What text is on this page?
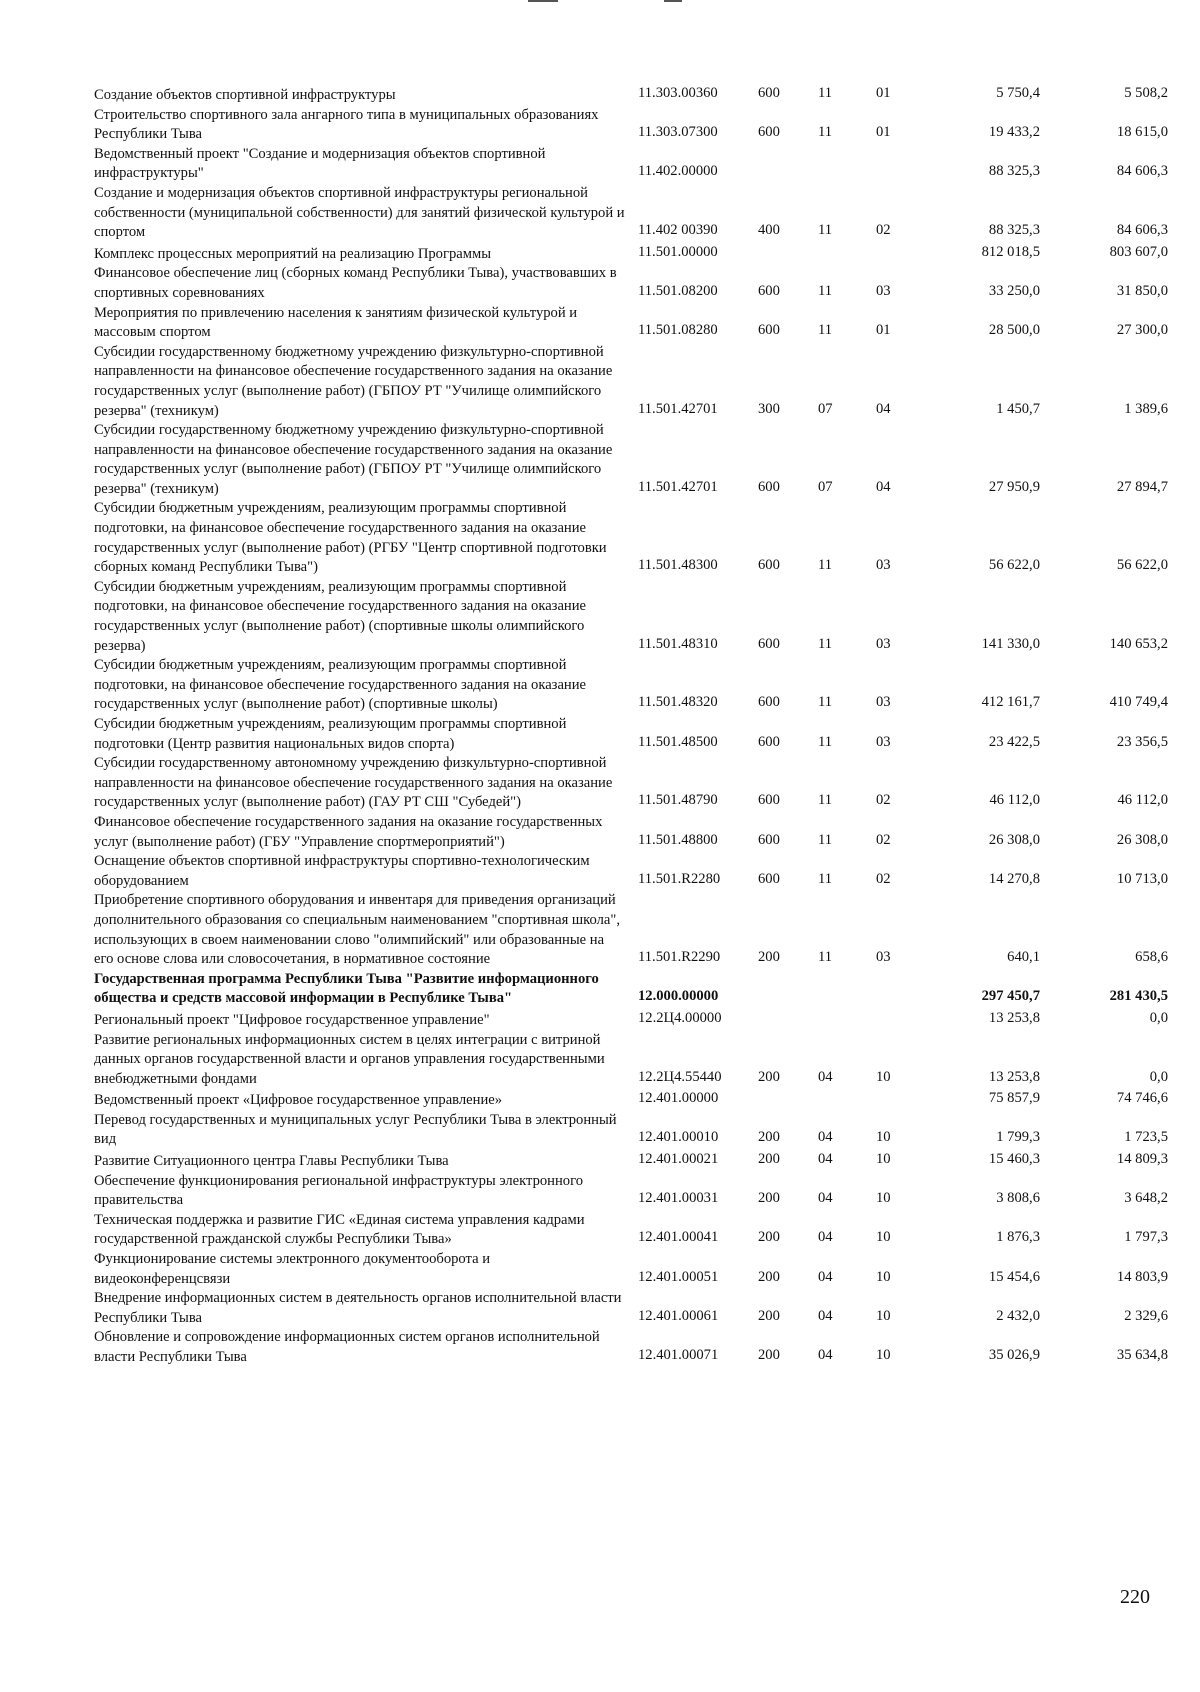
Создание объектов спортивной инфраструктуры	11.303.00360	600	11	01	5 750,4	5 508,2
Строительство спортивного зала ангарного типа в муниципальных образованиях Республики Тыва	11.303.07300	600	11	01	19 433,2	18 615,0
Ведомственный проект "Создание и модернизация объектов спортивной инфраструктуры"	11.402.00000				88 325,3	84 606,3
Создание и модернизация объектов спортивной инфраструктуры региональной собственности (муниципальной собственности) для занятий физической культурой и спортом	11.402 00390	400	11	02	88 325,3	84 606,3
Комплекс процессных мероприятий на реализацию Программы	11.501.00000				812 018,5	803 607,0
Финансовое обеспечение лиц (сборных команд Республики Тыва), участвовавших в спортивных соревнованиях	11.501.08200	600	11	03	33 250,0	31 850,0
Мероприятия по привлечению населения к занятиям физической культурой и массовым спортом	11.501.08280	600	11	01	28 500,0	27 300,0
Субсидии государственному бюджетному учреждению физкультурно-спортивной направленности на финансовое обеспечение государственного задания на оказание государственных услуг (выполнение работ) (ГБПОУ РТ "Училище олимпийского резерва" (техникум)	11.501.42701	300	07	04	1 450,7	1 389,6
Субсидии государственному бюджетному учреждению физкультурно-спортивной направленности на финансовое обеспечение государственного задания на оказание государственных услуг (выполнение работ) (ГБПОУ РТ "Училище олимпийского резерва" (техникум)	11.501.42701	600	07	04	27 950,9	27 894,7
Субсидии бюджетным учреждениям, реализующим программы спортивной подготовки, на финансовое обеспечение государственного задания на оказание государственных услуг (выполнение работ) (РГБУ "Центр спортивной подготовки сборных команд Республики Тыва")	11.501.48300	600	11	03	56 622,0	56 622,0
Субсидии бюджетным учреждениям, реализующим программы спортивной подготовки, на финансовое обеспечение государственного задания на оказание государственных услуг (выполнение работ) (спортивные школы олимпийского резерва)	11.501.48310	600	11	03	141 330,0	140 653,2
Субсидии бюджетным учреждениям, реализующим программы спортивной подготовки, на финансовое обеспечение государственного задания на оказание государственных услуг (выполнение работ) (спортивные школы)	11.501.48320	600	11	03	412 161,7	410 749,4
Субсидии бюджетным учреждениям, реализующим программы спортивной подготовки (Центр развития национальных видов спорта)	11.501.48500	600	11	03	23 422,5	23 356,5
Субсидии государственному автономному учреждению физкультурно-спортивной направленности на финансовое обеспечение государственного задания на оказание государственных услуг (выполнение работ) (ГАУ РТ СШ "Субедей")	11.501.48790	600	11	02	46 112,0	46 112,0
Финансовое обеспечение государственного задания на оказание государственных услуг (выполнение работ) (ГБУ "Управление спортмероприятий")	11.501.48800	600	11	02	26 308,0	26 308,0
Оснащение объектов спортивной инфраструктуры спортивно-технологическим оборудованием	11.501.R2280	600	11	02	14 270,8	10 713,0
Приобретение спортивного оборудования и инвентаря для приведения организаций дополнительного образования со специальным наименованием "спортивная школа", использующих в своем наименовании слово "олимпийский" или образованные на его основе слова или словосочетания, в нормативное состояние	11.501.R2290	200	11	03	640,1	658,6
Государственная программа Республики Тыва "Развитие информационного общества и средств массовой информации в Республике Тыва"	12.000.00000				297 450,7	281 430,5
Региональный проект "Цифровое государственное управление"	12.2Ц4.00000				13 253,8	0,0
Развитие региональных информационных систем в целях интеграции с витриной данных органов государственной власти и органов управления государственными внебюджетными фондами	12.2Ц4.55440	200	04	10	13 253,8	0,0
Ведомственный проект «Цифровое государственное управление»	12.401.00000				75 857,9	74 746,6
Перевод государственных и муниципальных услуг Республики Тыва в электронный вид	12.401.00010	200	04	10	1 799,3	1 723,5
Развитие Ситуационного центра Главы Республики Тыва	12.401.00021	200	04	10	15 460,3	14 809,3
Обеспечение функционирования региональной инфраструктуры электронного правительства	12.401.00031	200	04	10	3 808,6	3 648,2
Техническая поддержка и развитие ГИС «Единая система управления кадрами государственной гражданской службы Республики Тыва»	12.401.00041	200	04	10	1 876,3	1 797,3
Функционирование системы электронного документооборота и видеоконференцсвязи	12.401.00051	200	04	10	15 454,6	14 803,9
Внедрение информационных систем в деятельность органов исполнительной власти Республики Тыва	12.401.00061	200	04	10	2 432,0	2 329,6
Обновление и сопровождение информационных систем органов исполнительной власти Республики Тыва	12.401.00071	200	04	10	35 026,9	35 634,8
220
